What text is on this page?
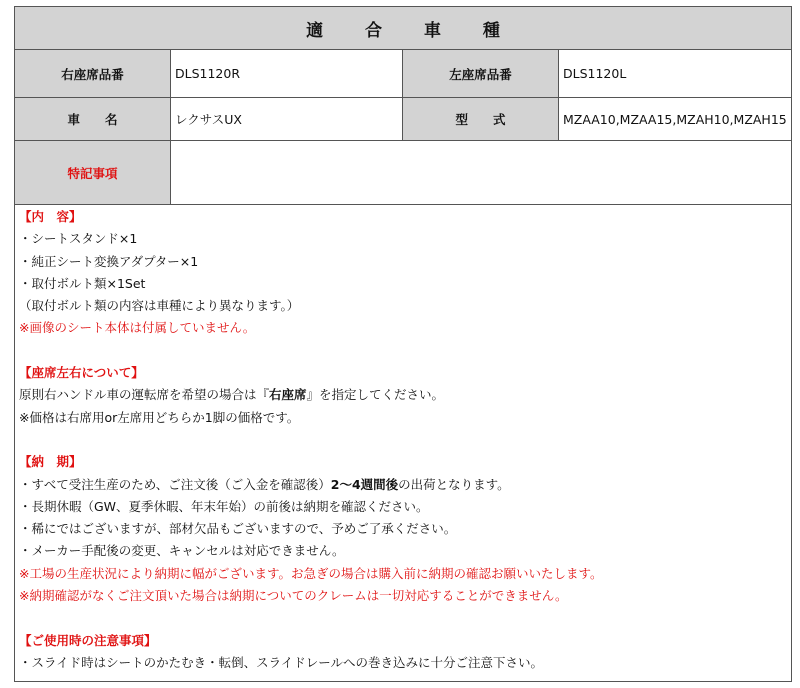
適 合 車 種
右座席品番	DLS1120R	左座席品番	DLS1120L
車　　名	レクサスUX	型　　式	MZAA10,MZAA15,MZAH10,MZAH15
特記事項
【内　容】
・シートスタンド×1
・純正シート変換アダプター×1
・取付ボルト類×1Set
（取付ボルト類の内容は車種により異なります。）
※画像のシート本体は付属していません。
【座席左右について】
原則右ハンドル車の運転席を希望の場合は『右座席』を指定してください。
※価格は右席用or左席用どちらか1脚の価格です。
【納　期】
・すべて受注生産のため、ご注文後（ご入金を確認後）2〜4週間後の出荷となります。
・長期休暇（GW、夏季休暇、年末年始）の前後は納期を確認ください。
・稀にではございますが、部材欠品もございますので、予めご了承ください。
・メーカー手配後の変更、キャンセルは対応できません。
※工場の生産状況により納期に幅がございます。お急ぎの場合は購入前に納期の確認お願いいたします。
※納期確認がなくご注文頂いた場合は納期についてのクレームは一切対応することができません。
【ご使用時の注意事項】
・スライド時はシートのかたむき・転倒、スライドレールへの巻き込みに十分ご注意下さい。
